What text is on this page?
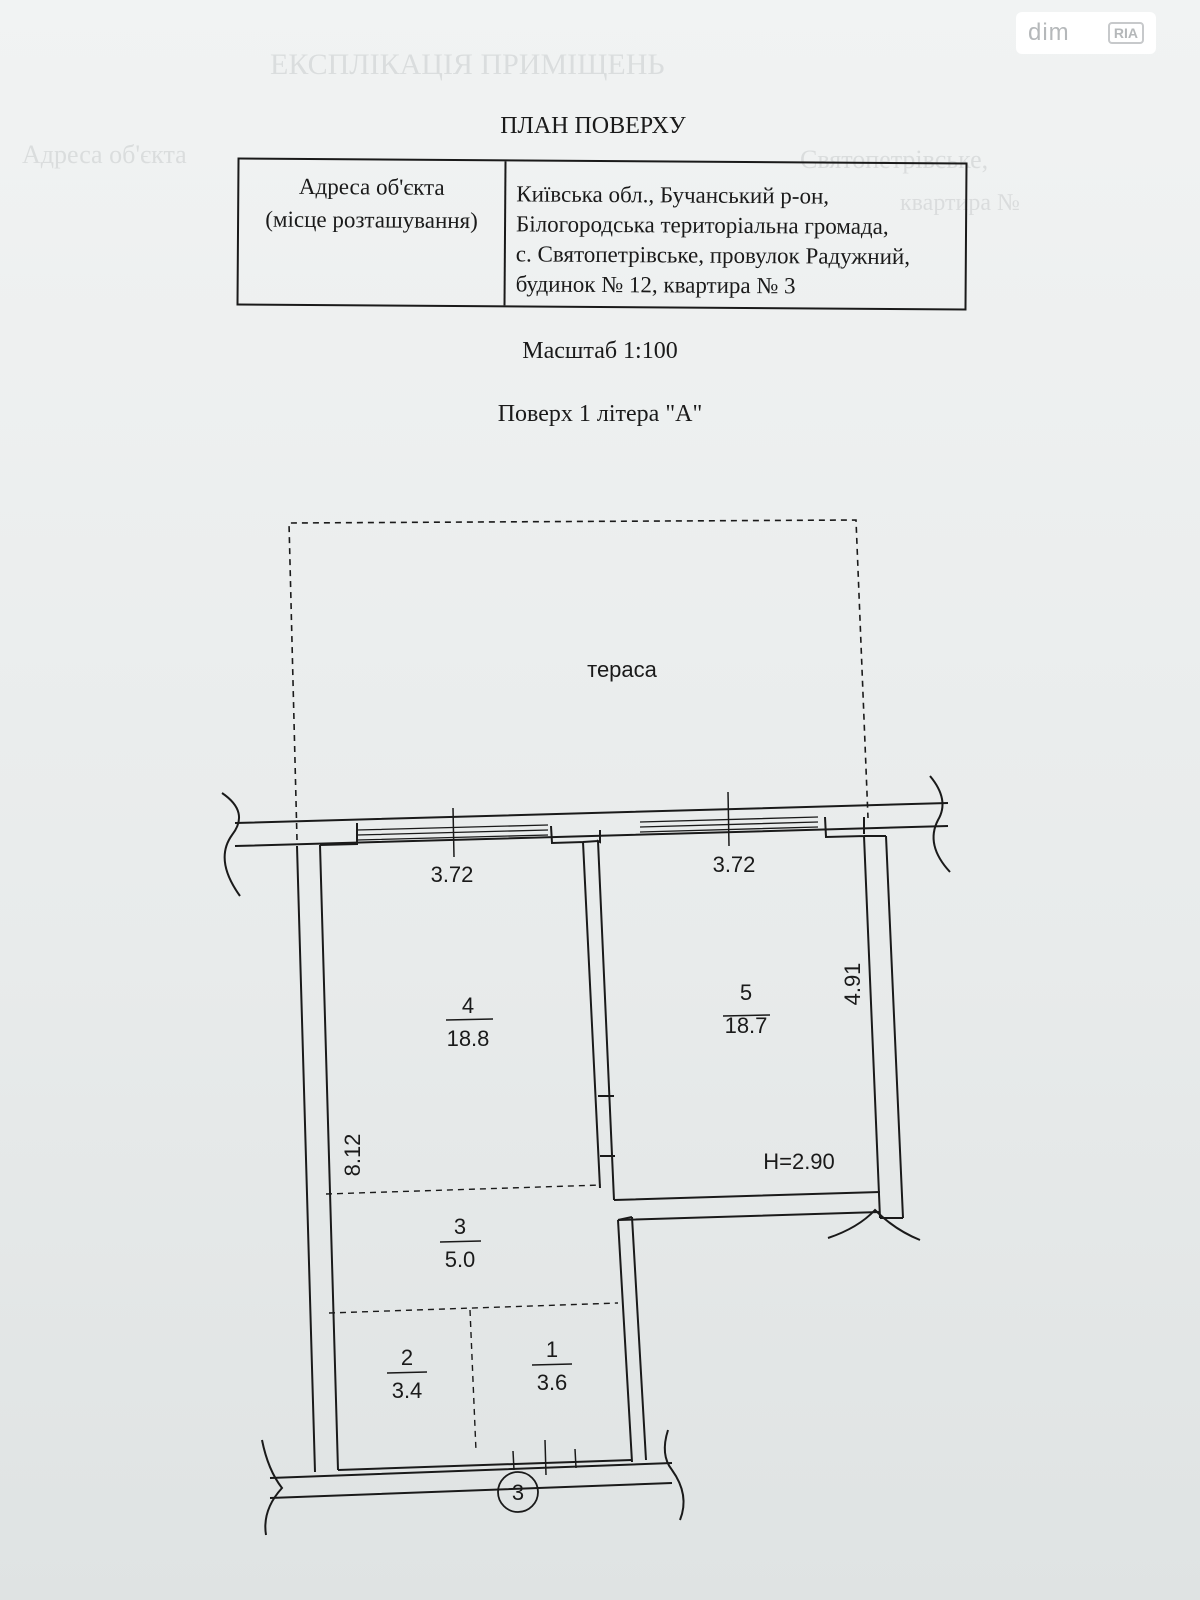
ЕКСПЛІКАЦІЯ ПРИМІЩЕНЬ
Адреса об'єкта	Святопетрівське,
квартира №
dim	RIA
ПЛАН ПОВЕРХУ
Адреса об'єкта
(місце розташування)
Київська обл., Бучанський р-он,
Білогородська територіальна громада,
с. Святопетрівське, провулок Радужний,
будинок № 12, квартира № 3
Масштаб 1:100
Поверх 1 літера "А"
тераса
3.72	3.72
4.91
8.12	H=2.90
3
4
18.8
5
18.7
3
5.0
2
3.4
1
3.6
